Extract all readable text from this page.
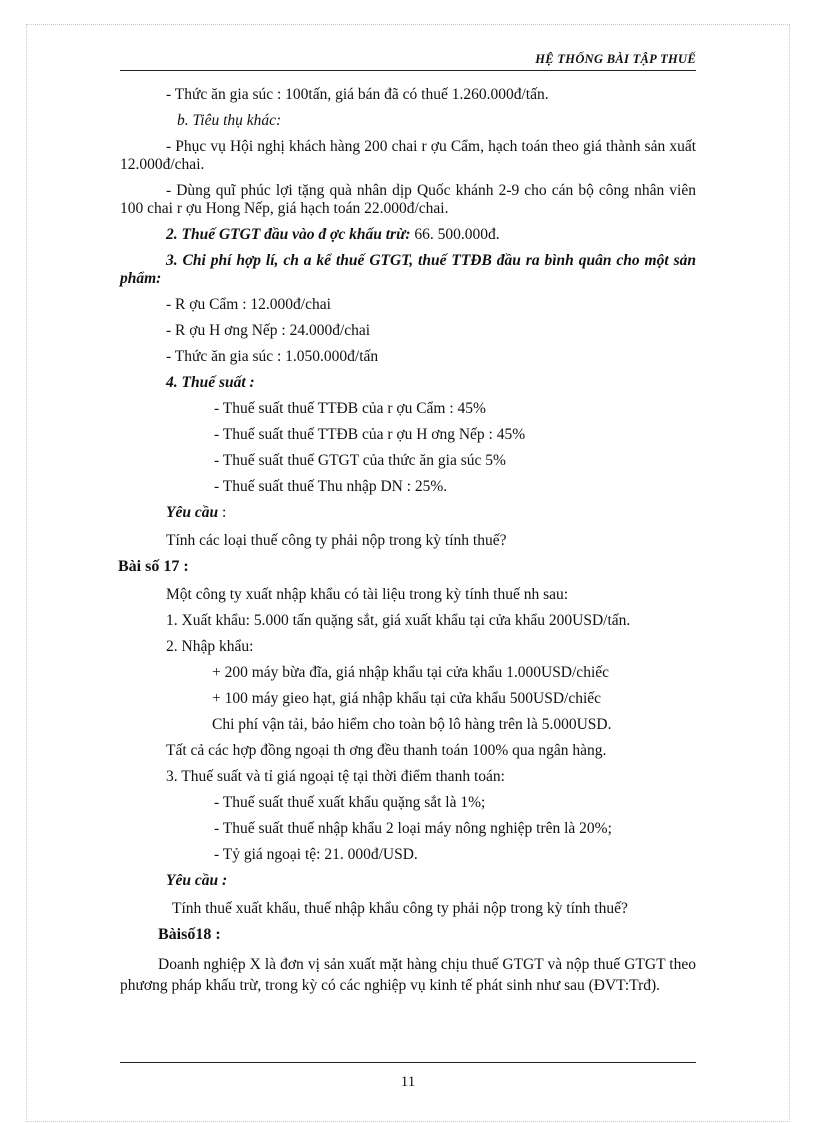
HỆ THỐNG BÀI TẬP THUẾ

- Thức ăn gia súc : 100tấn, giá bán đã có thuế 1.260.000đ/tấn.

b. Tiêu thụ khác:

- Phục vụ Hội nghị khách hàng 200 chai r ợu Cẩm, hạch toán theo giá thành sản xuất 12.000đ/chai.

- Dùng quĩ phúc lợi tặng quà nhân dịp Quốc khánh 2-9 cho cán bộ công nhân viên 100 chai r ợu Hong Nếp, giá hạch toán 22.000đ/chai.

2. Thuế GTGT đầu vào đ ợc khấu trừ: 66. 500.000đ.

3. Chi phí hợp lí, ch a kể thuế GTGT, thuế TTĐB đầu ra bình quân cho một sản phẩm:

- R ợu Cẩm : 12.000đ/chai

- R ợu H ơng Nếp : 24.000đ/chai

- Thức ăn gia súc : 1.050.000đ/tấn

4. Thuế suất :

- Thuế suất thuế TTĐB của r ợu Cẩm : 45%

- Thuế suất thuế TTĐB của r ợu H ơng Nếp : 45%

- Thuế suất thuế GTGT của thức ăn gia súc 5%

- Thuế suất thuế Thu nhập DN : 25%.

Yêu cầu :

Tính các loại thuế công ty phải nộp trong kỳ tính thuế?

Bài số 17 :

Một công ty xuất nhập khẩu có tài liệu trong kỳ tính thuế nh sau:

1. Xuất khẩu: 5.000 tấn quặng sắt, giá xuất khẩu tại cửa khẩu 200USD/tấn.

2. Nhập khẩu:

+ 200 máy bừa đĩa, giá nhập khẩu tại cửa khẩu 1.000USD/chiếc

+ 100 máy gieo hạt, giá nhập khẩu tại cửa khẩu 500USD/chiếc

Chi phí vận tải, bảo hiểm cho toàn bộ lô hàng trên là 5.000USD.

Tất cả các hợp đồng ngoại th ơng đều thanh toán 100% qua ngân hàng.

3. Thuế suất và tỉ giá ngoại tệ tại thời điểm thanh toán:

- Thuế suất thuế xuất khẩu quặng sắt là 1%;

- Thuế suất thuế nhập khẩu 2 loại máy nông nghiệp trên là 20%;

- Tỷ giá ngoại tệ: 21. 000đ/USD.

Yêu cầu :

Tính thuế xuất khẩu, thuế nhập khẩu công ty phải nộp trong kỳ tính thuế?

Bàisố18 :

Doanh nghiệp X là đơn vị sản xuất mặt hàng chịu thuế GTGT và nộp thuế GTGT theo phương pháp khấu trừ, trong kỳ có các nghiệp vụ kinh tế phát sinh như sau (ĐVT:Trđ).

11
